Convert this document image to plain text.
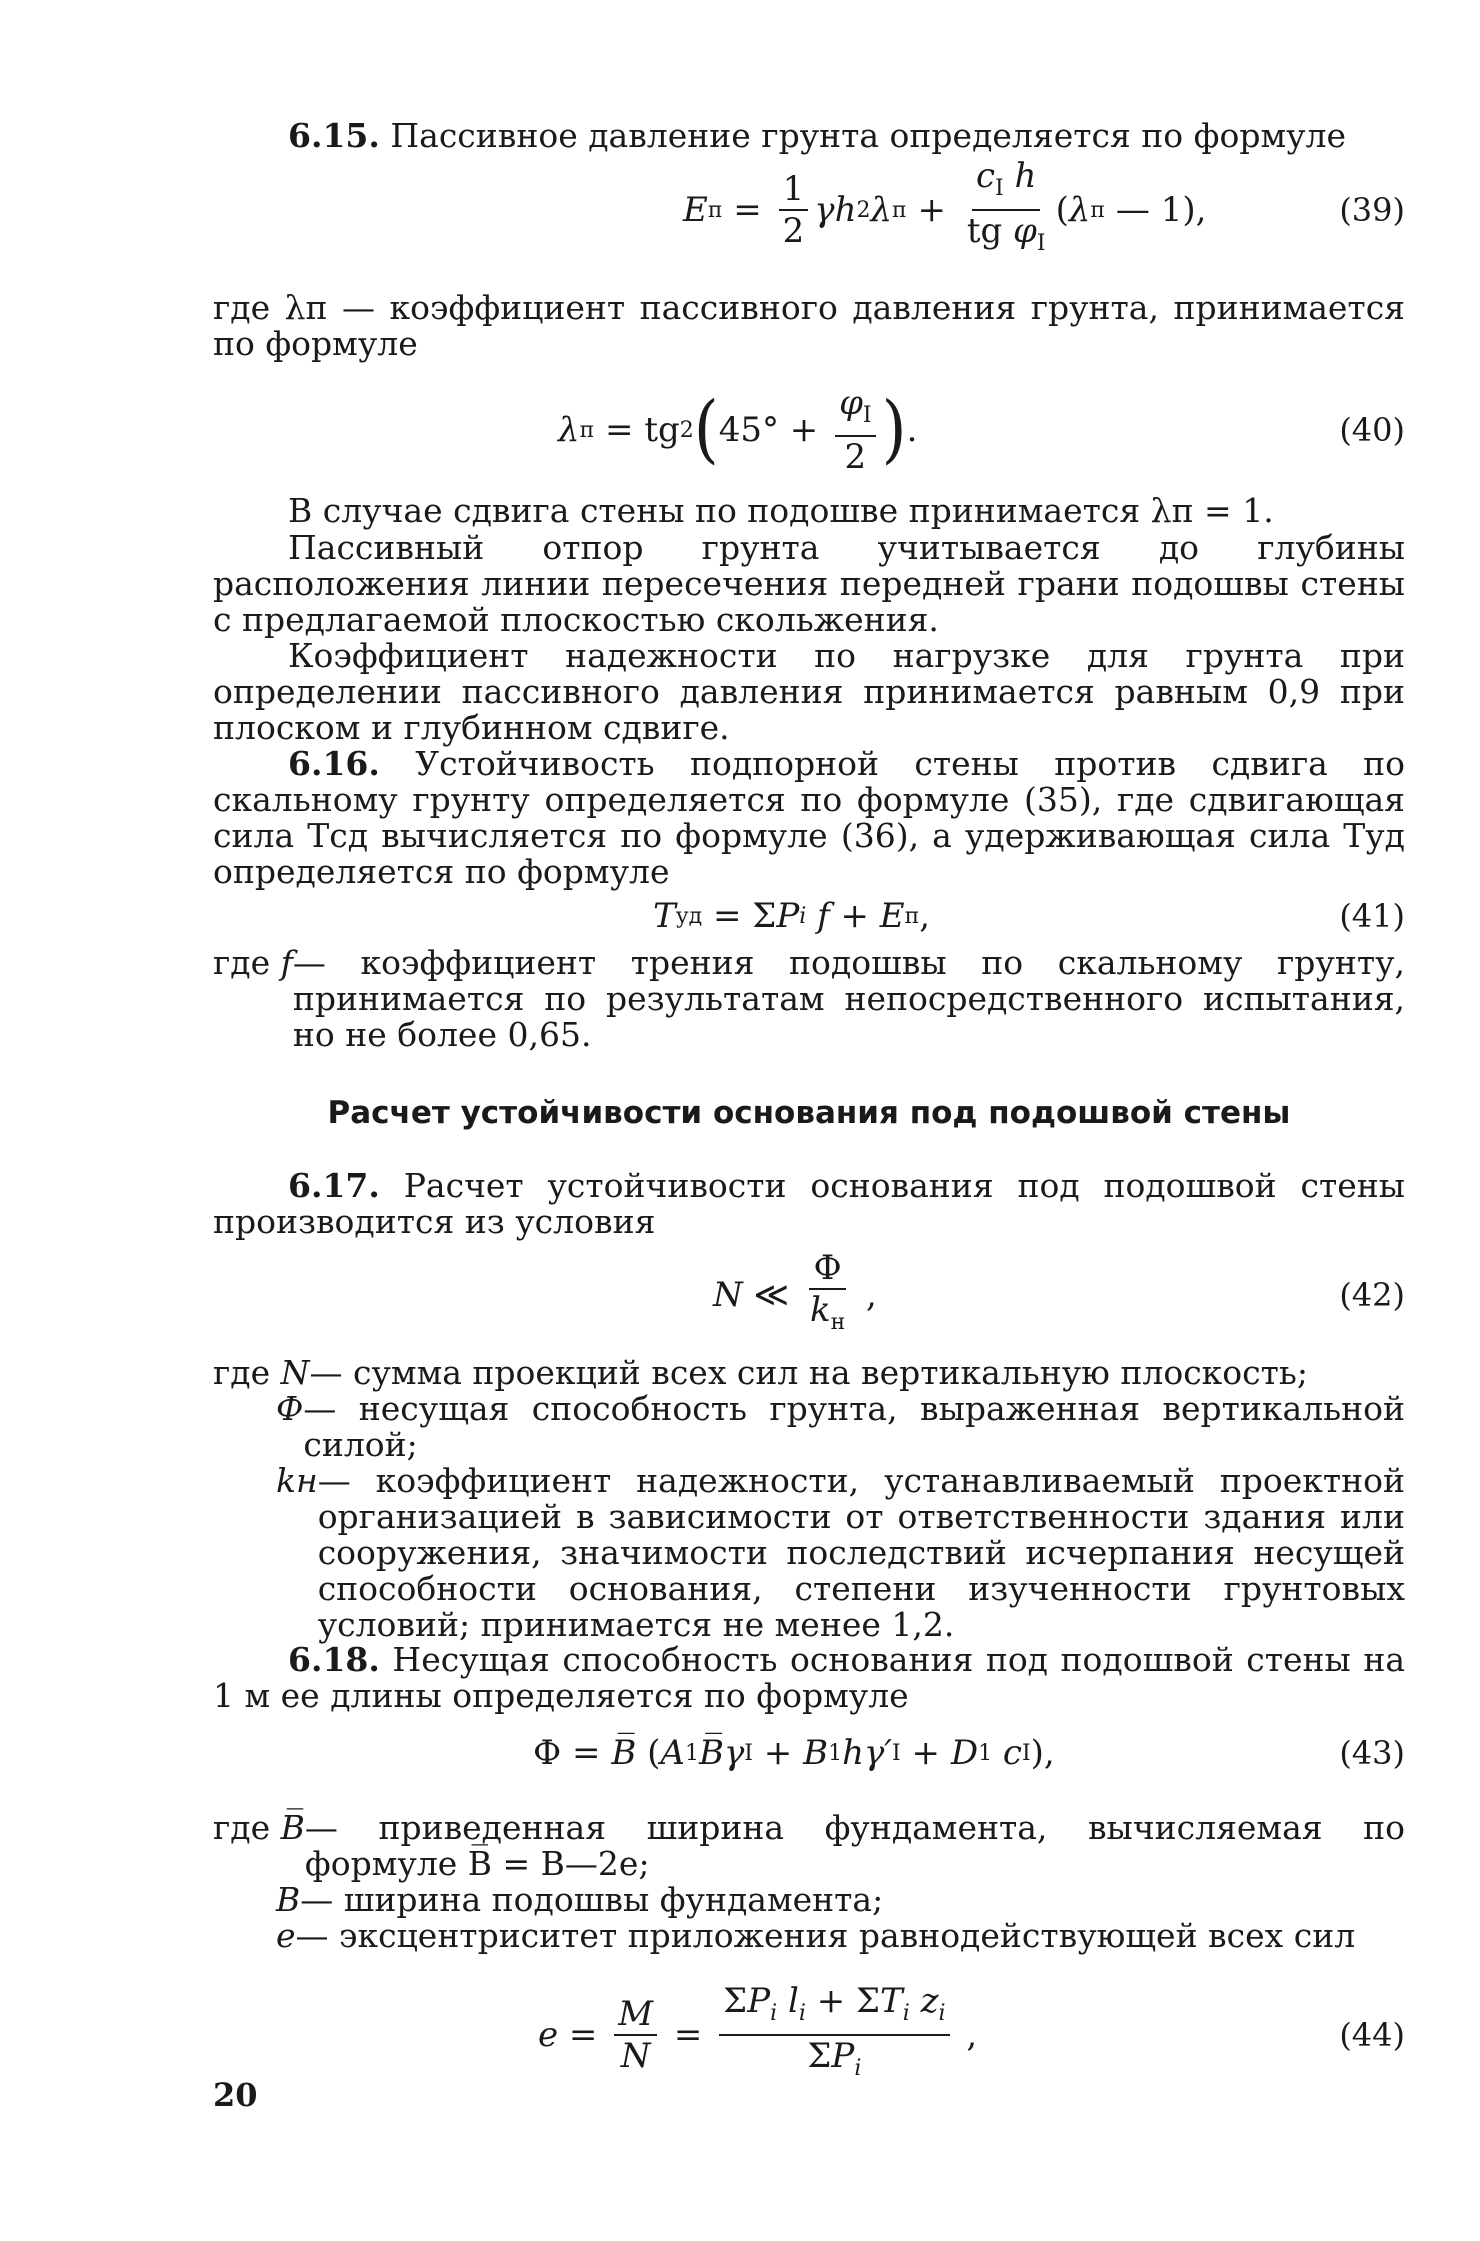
6.15. Пассивное давление грунта определяется по формуле

E $п = \frac{1}{2}$ γh 2 λ $п + \frac{c_I h}{tg \varphi_I}$ ( λ п — 1),	(39)

где λп — коэффициент пассивного давления грунта, принимается по формуле

λ п = tg 2 ( $45^\circ + \frac{\varphi_I}{2}$ ) .	(40)

В случае сдвига стены по подошве принимается λп = 1.

Пассивный отпор грунта учитывается до глубины расположения линии пересечения передней грани подошвы стены с предлагаемой плоскостью скольжения.

Коэффициент надежности по нагрузке для грунта при определении пассивного давления принимается равным 0,9 при плоском и глубинном сдвиге.

6.16. Устойчивость подпорной стены против сдвига по скальному грунту определяется по формуле (35), где сдвигающая сила Tсд вычисляется по формуле (36), а удерживающая сила Tуд определяется по формуле

T уд = Σ P i f + E п ,	(41)
где f — коэффициент трения подошвы по скальному грунту, принимается по результатам непосредственного испытания, но не более 0,65.
Расчет устойчивости основания под подошвой стены

6.17. Расчет устойчивости основания под подошвой стены производится из условия

N ≪ $\frac{Ф}{k_н}$ ,	(42)
где N — сумма проекций всех сил на вертикальную плоскость;

Ф — несущая способность грунта, выраженная вертикальной силой;

kн — коэффициент надежности, устанавливаемый проектной организацией в зависимости от ответственности здания или сооружения, значимости последствий исчерпания несущей способности основания, степени изученности грунтовых условий; принимается не менее 1,2.

6.18. Несущая способность основания под подошвой стены на 1 м ее длины определяется по формуле

Ф = B̅ ( A 1 B̅γ I + B 1 hγ′ I + D 1 c I ),	(43)
где B̅ — приведенная ширина фундамента, вычисляемая по формуле B̅ = B—2e;

B — ширина подошвы фундамента;

e — эксцентриситет приложения равнодействующей всех сил
$e = \frac{M}{N} = \frac{\Sigma P_i l_i + \Sigma T_i z_i}{\Sigma P_i}$ ,	(44)
20
